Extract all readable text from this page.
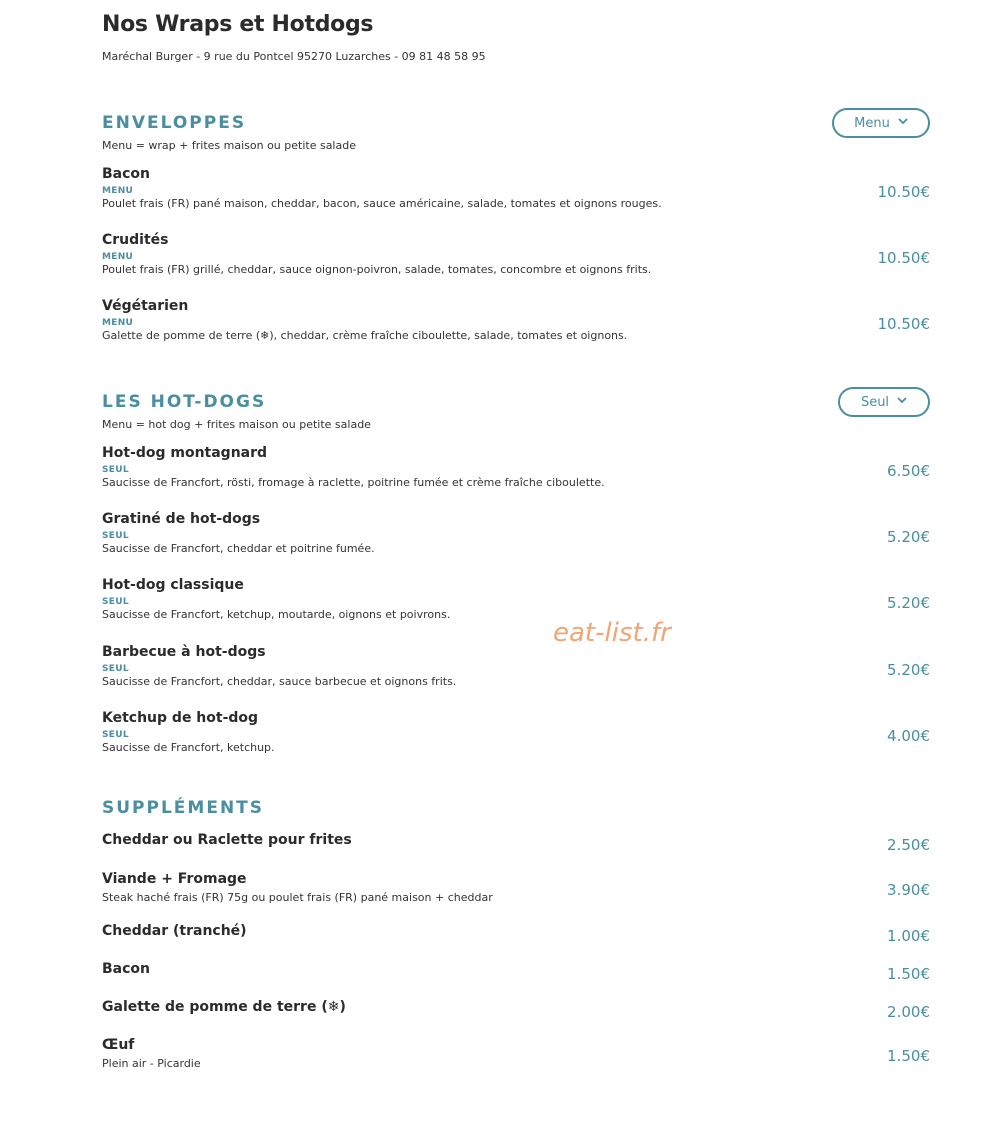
Nos Wraps et Hotdogs
Maréchal Burger - 9 rue du Pontcel 95270 Luzarches - 09 81 48 58 95
ENVELOPPES	Menu
Menu = wrap + frites maison ou petite salade
Bacon
MENU
Poulet frais (FR) pané maison, cheddar, bacon, sauce américaine, salade, tomates et oignons rouges.
10.50€
Crudités
MENU
Poulet frais (FR) grillé, cheddar, sauce oignon-poivron, salade, tomates, concombre et oignons frits.
10.50€
Végétarien
MENU
Galette de pomme de terre (❄), cheddar, crème fraîche ciboulette, salade, tomates et oignons.
10.50€
LES HOT-DOGS	Seul
Menu = hot dog + frites maison ou petite salade
Hot-dog montagnard
SEUL
Saucisse de Francfort, rösti, fromage à raclette, poitrine fumée et crème fraîche ciboulette.
6.50€
Gratiné de hot-dogs
SEUL
Saucisse de Francfort, cheddar et poitrine fumée.
5.20€
Hot-dog classique
SEUL
Saucisse de Francfort, ketchup, moutarde, oignons et poivrons.
5.20€
Barbecue à hot-dogs
SEUL
Saucisse de Francfort, cheddar, sauce barbecue et oignons frits.
5.20€
Ketchup de hot-dog
SEUL
Saucisse de Francfort, ketchup.
4.00€
SUPPLÉMENTS
Cheddar ou Raclette pour frites	2.50€
Viande + Fromage
Steak haché frais (FR) 75g ou poulet frais (FR) pané maison + cheddar	3.90€
Cheddar (tranché)	1.00€
Bacon	1.50€
Galette de pomme de terre (❄)	2.00€
Œuf
Plein air - Picardie	1.50€
eat-list.fr
